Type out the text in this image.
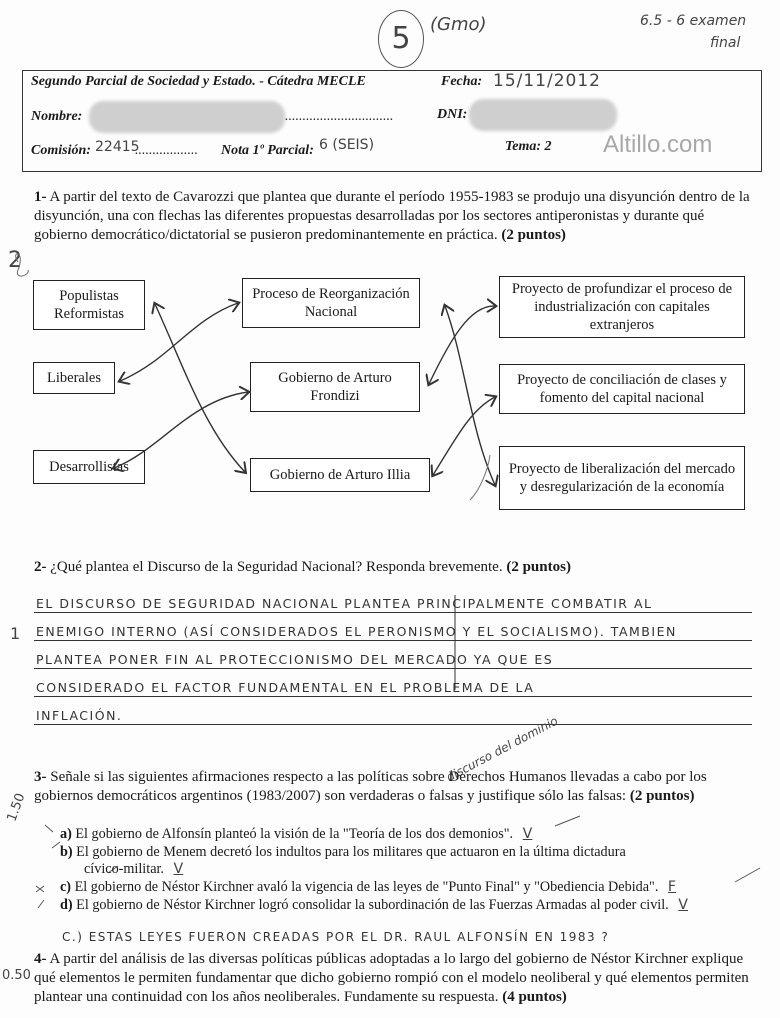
5	(Gmo)	6.5 - 6 examen
final
Segundo Parcial de Sociedad y Estado. - Cátedra MECLE	Fecha: 15/11/2012
Nombre:	...............................	DNI:
Comisión: 22415
.................. Nota 1º Parcial: 6 (SEIS)	Tema: 2 Altillo.com
1- A partir del texto de Cavarozzi que plantea que durante el período 1955-1983 se produjo una disyunción dentro de la disyunción, una con flechas las diferentes propuestas desarrolladas por los sectores antiperonistas y durante qué gobierno democrático/dictatorial se pusieron predominantemente en práctica. (2 puntos)
2
Populistas Reformistas
Liberales
Desarrollistas
Proceso de Reorganización Nacional
Gobierno de Arturo Frondizi
Gobierno de Arturo Illia
Proyecto de profundizar el proceso de industrialización con capitales extranjeros
Proyecto de conciliación de clases y fomento del capital nacional
Proyecto de liberalización del mercado y desregularización de la economía
2- ¿Qué plantea el Discurso de la Seguridad Nacional? Responda brevemente. (2 puntos)
1
EL DISCURSO DE SEGURIDAD NACIONAL PLANTEA PRINCIPALMENTE COMBATIR AL
ENEMIGO INTERNO (ASÍ CONSIDERADOS EL PERONISMO Y EL SOCIALISMO). TAMBIEN
PLANTEA PONER FIN AL PROTECCIONISMO DEL MERCADO YA QUE ES
CONSIDERADO EL FACTOR FUNDAMENTAL EN EL PROBLEMA DE LA
INFLACIÓN.	discurso del dominio
3- Señale si las siguientes afirmaciones respecto a las políticas sobre Derechos Humanos llevadas a cabo por los gobiernos democráticos argentinos (1983/2007) son verdaderas o falsas y justifique sólo las falsas: (2 puntos)
1.50
a) El gobierno de Alfonsín planteó la visión de la "Teoría de los dos demonios". V
b) El gobierno de Menem decretó los indultos para los militares que actuaron en la última dictadura
cívico-militar. V
c) El gobierno de Néstor Kirchner avaló la vigencia de las leyes de "Punto Final" y "Obediencia Debida". F
d) El gobierno de Néstor Kirchner logró consolidar la subordinación de las Fuerzas Armadas al poder civil. V
C.) ESTAS LEYES FUERON CREADAS POR EL DR. RAUL ALFONSÍN EN 1983 ?
4- A partir del análisis de las diversas políticas públicas adoptadas a lo largo del gobierno de Néstor Kirchner explique qué elementos le permiten fundamentar que dicho gobierno rompió con el modelo neoliberal y qué elementos permiten plantear una continuidad con los años neoliberales. Fundamente su respuesta. (4 puntos)
0.50
